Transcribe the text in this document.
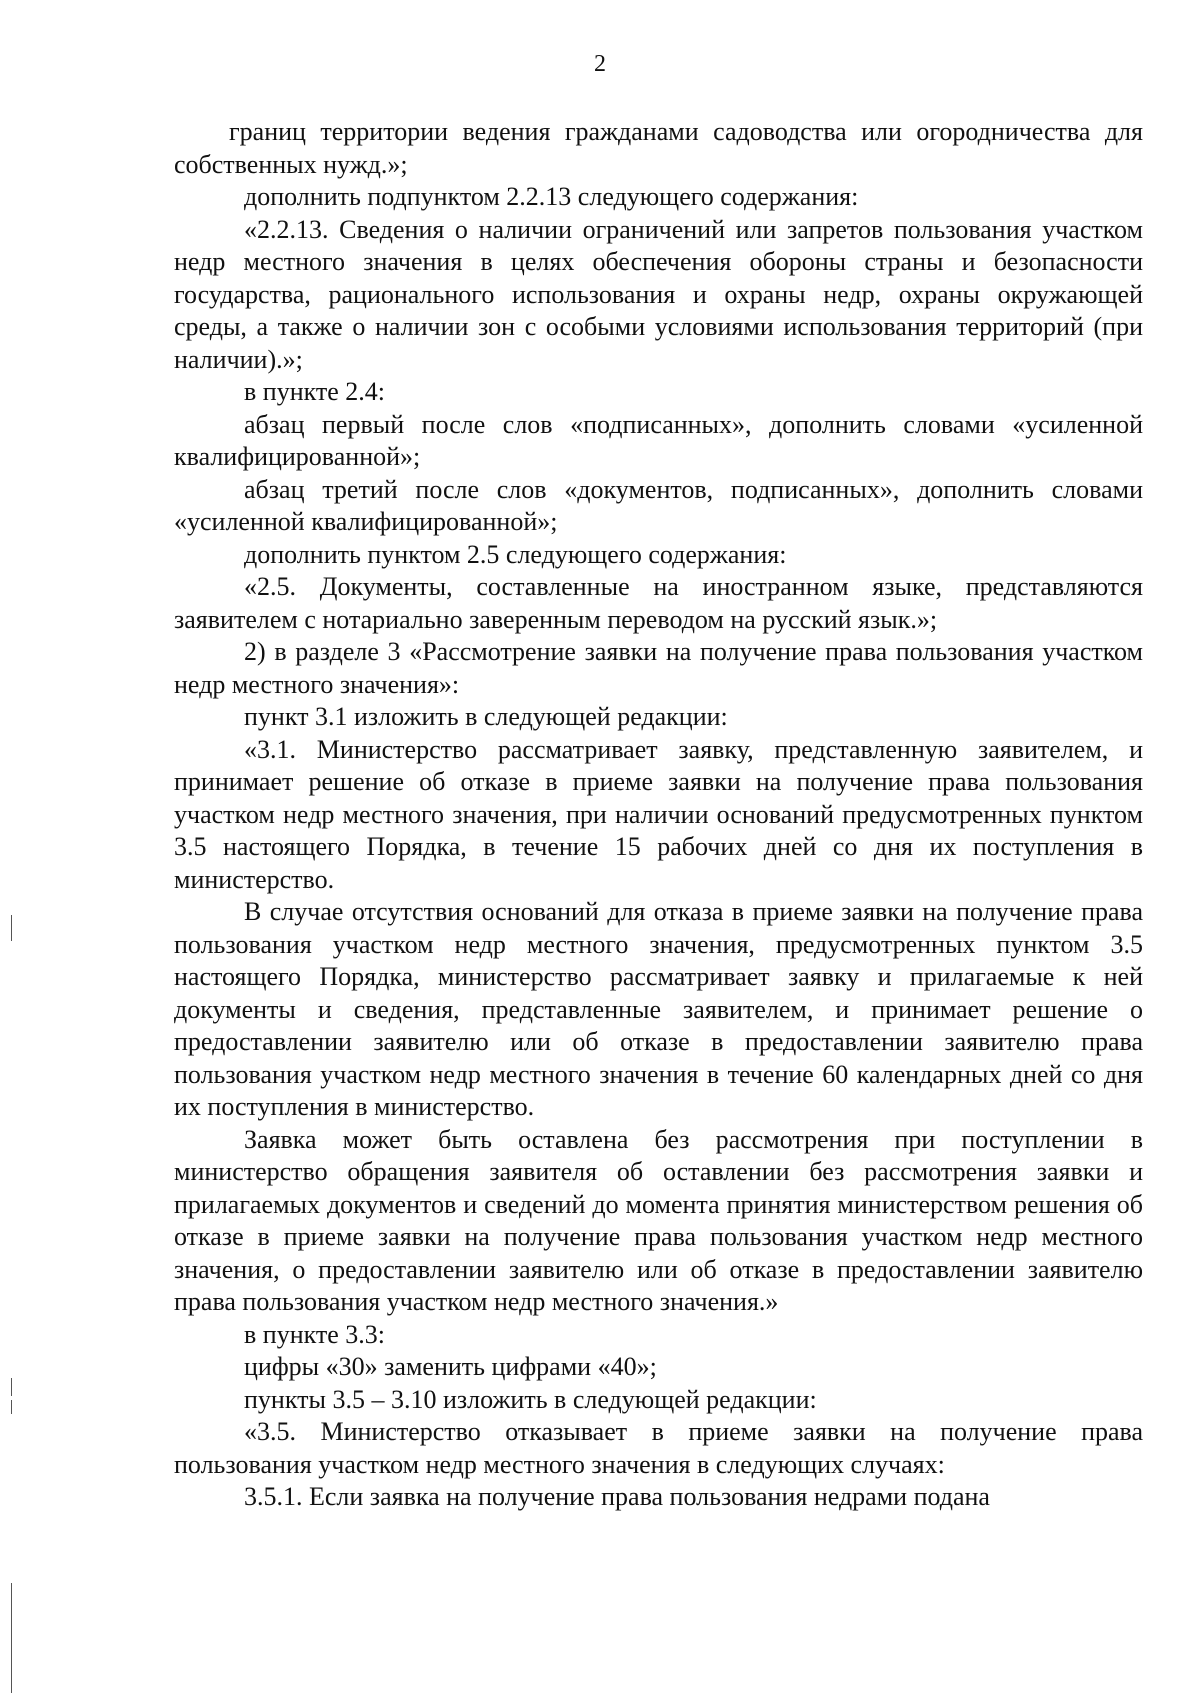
2

границ территории ведения гражданами садоводства или огородничества для собственных нужд.»;

дополнить подпунктом 2.2.13 следующего содержания:

«2.2.13. Сведения о наличии ограничений или запретов пользования участком недр местного значения в целях обеспечения обороны страны и безопасности государства, рационального использования и охраны недр, охраны окружающей среды, а также о наличии зон с особыми условиями использования территорий (при наличии).»;

в пункте 2.4:

абзац первый после слов «подписанных», дополнить словами «усиленной квалифицированной»;

абзац третий после слов «документов, подписанных», дополнить словами «усиленной квалифицированной»;

дополнить пунктом 2.5 следующего содержания:

«2.5. Документы, составленные на иностранном языке, представляются заявителем с нотариально заверенным переводом на русский язык.»;

2) в разделе 3 «Рассмотрение заявки на получение права пользования участком недр местного значения»:

пункт 3.1 изложить в следующей редакции:

«3.1. Министерство рассматривает заявку, представленную заявителем, и принимает решение об отказе в приеме заявки на получение права пользования участком недр местного значения, при наличии оснований предусмотренных пунктом 3.5 настоящего Порядка, в течение 15 рабочих дней со дня их поступления в министерство.

В случае отсутствия оснований для отказа в приеме заявки на получение права пользования участком недр местного значения, предусмотренных пунктом 3.5 настоящего Порядка, министерство рассматривает заявку и прилагаемые к ней документы и сведения, представленные заявителем, и принимает решение о предоставлении заявителю или об отказе в предоставлении заявителю права пользования участком недр местного значения в течение 60 календарных дней со дня их поступления в министерство.

Заявка может быть оставлена без рассмотрения при поступлении в министерство обращения заявителя об оставлении без рассмотрения заявки и прилагаемых документов и сведений до момента принятия министерством решения об отказе в приеме заявки на получение права пользования участком недр местного значения, о предоставлении заявителю или об отказе в предоставлении заявителю права пользования участком недр местного значения.»

в пункте 3.3:

цифры «30» заменить цифрами «40»;

пункты 3.5 – 3.10 изложить в следующей редакции:

«3.5. Министерство отказывает в приеме заявки на получение права пользования участком недр местного значения в следующих случаях:

3.5.1. Если заявка на получение права пользования недрами подана
